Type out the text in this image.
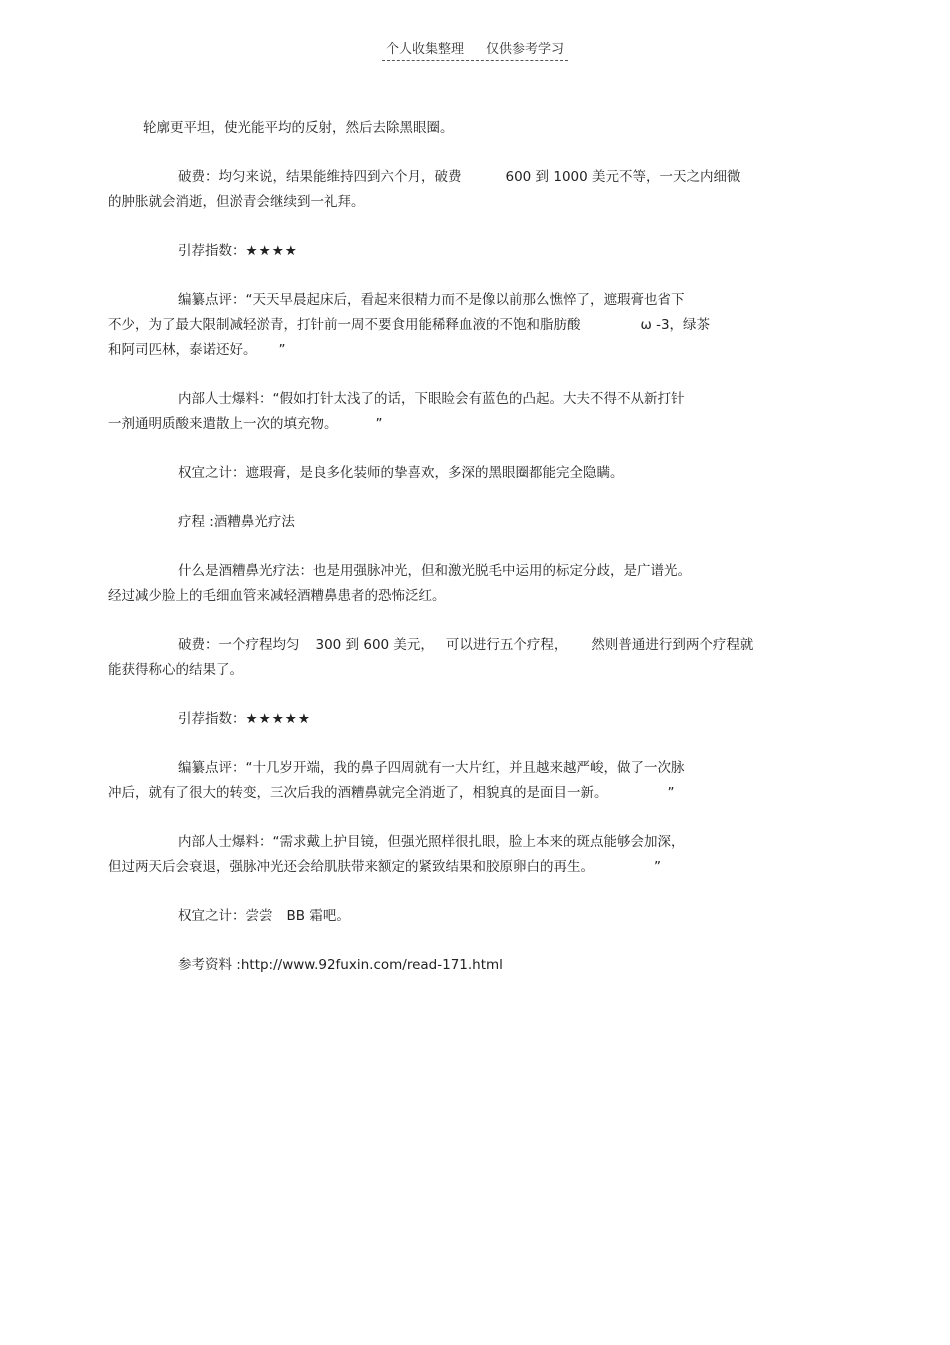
个人收集整理 仅供参考学习

轮廓更平坦，使光能平均的反射，然后去除黑眼圈。

破费：均匀来说，结果能维持四到六个月，破费	600 到 1000 美元不等，一天之内细微
的肿胀就会消逝，但淤青会继续到一礼拜。

引荐指数：★★★★

编纂点评：“天天早晨起床后，看起来很精力而不是像以前那么憔悴了，遮瑕膏也省下
不少，为了最大限制减轻淤青，打针前一周不要食用能稀释血液的不饱和脂肪酸	ω -3，绿茶
和阿司匹林，泰诺还好。 ”

内部人士爆料：“假如打针太浅了的话，下眼睑会有蓝色的凸起。大夫不得不从新打针
一剂通明质酸来遣散上一次的填充物。	”

权宜之计：遮瑕膏，是良多化装师的挚喜欢，多深的黑眼圈都能完全隐瞒。

疗程 :酒糟鼻光疗法

什么是酒糟鼻光疗法：也是用强脉冲光，但和激光脱毛中运用的标定分歧，是广谱光。
经过减少脸上的毛细血管来减轻酒糟鼻患者的恐怖泛红。

破费：一个疗程均匀 300 到 600 美元， 可以进行五个疗程， 然则普通进行到两个疗程就
能获得称心的结果了。

引荐指数：★★★★★

编纂点评：“十几岁开端，我的鼻子四周就有一大片红，并且越来越严峻，做了一次脉
冲后，就有了很大的转变，三次后我的酒糟鼻就完全消逝了，相貌真的是面目一新。	”

内部人士爆料：“需求戴上护目镜，但强光照样很扎眼，脸上本来的斑点能够会加深，
但过两天后会衰退，强脉冲光还会给肌肤带来额定的紧致结果和胶原卵白的再生。	”

权宜之计：尝尝 BB 霜吧。

参考资料 :http://www.92fuxin.com/read-171.html
